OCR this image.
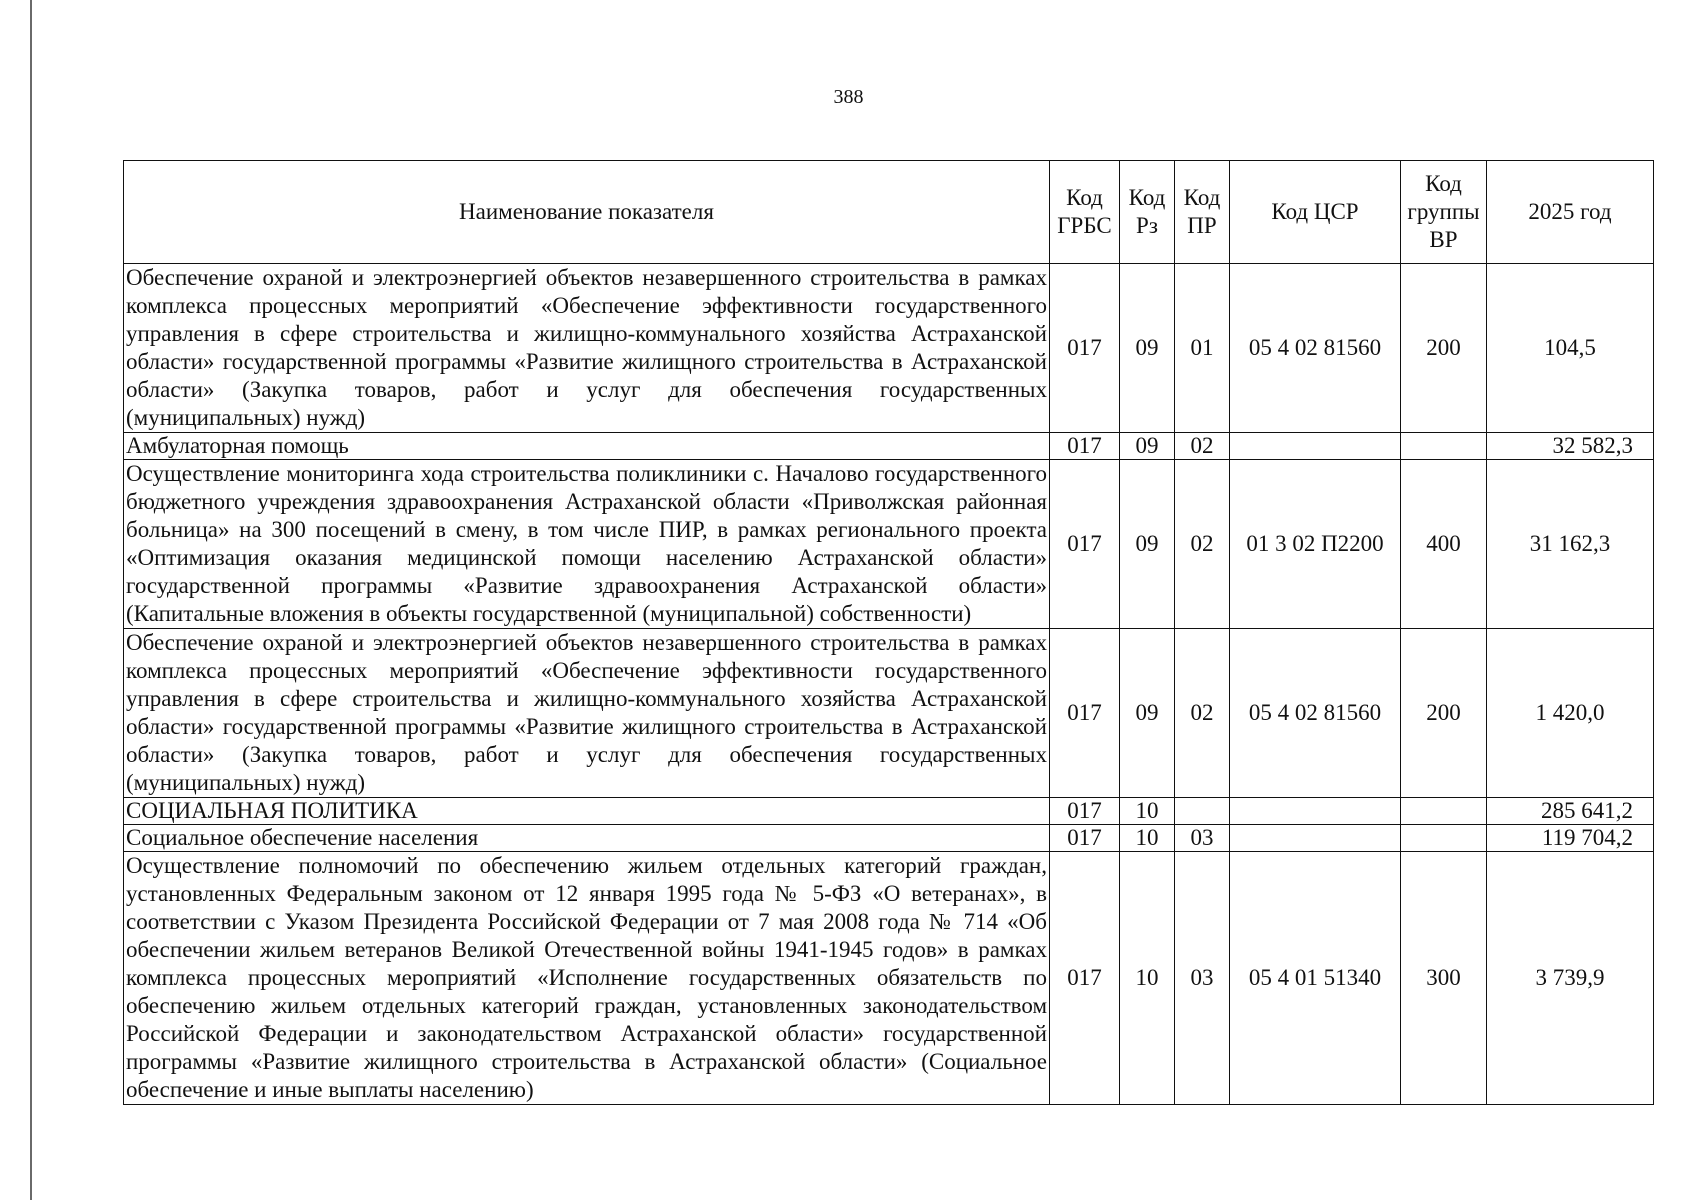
388
Наименование показателя	Код ГРБС	Код Рз	Код ПР	Код ЦСР	Код группы ВР	2025 год
Обеспечение охраной и электроэнергией объектов незавершенного строительства в рамках комплекса процессных мероприятий «Обеспечение эффективности государственного управления в сфере строительства и жилищно-коммунального хозяйства Астраханской области» государственной программы «Развитие жилищного строительства в Астраханской области» (Закупка товаров, работ и услуг для обеспечения государственных (муниципальных) нужд)	017	09	01	05 4 02 81560	200	104,5
Амбулаторная помощь	017	09	02			32 582,3
Осуществление мониторинга хода строительства поликлиники с. Началово государственного бюджетного учреждения здравоохранения Астраханской области «Приволжская районная больница» на 300 посещений в смену, в том числе ПИР, в рамках регионального проекта «Оптимизация оказания медицинской помощи населению Астраханской области» государственной программы «Развитие здравоохранения Астраханской области» (Капитальные вложения в объекты государственной (муниципальной) собственности)	017	09	02	01 3 02 П2200	400	31 162,3
Обеспечение охраной и электроэнергией объектов незавершенного строительства в рамках комплекса процессных мероприятий «Обеспечение эффективности государственного управления в сфере строительства и жилищно-коммунального хозяйства Астраханской области» государственной программы «Развитие жилищного строительства в Астраханской области» (Закупка товаров, работ и услуг для обеспечения государственных (муниципальных) нужд)	017	09	02	05 4 02 81560	200	1 420,0
СОЦИАЛЬНАЯ ПОЛИТИКА	017	10				285 641,2
Социальное обеспечение населения	017	10	03			119 704,2
Осуществление полномочий по обеспечению жильем отдельных категорий граждан, установленных Федеральным законом от 12 января 1995 года № 5-ФЗ «О ветеранах», в соответствии с Указом Президента Российской Федерации от 7 мая 2008 года № 714 «Об обеспечении жильем ветеранов Великой Отечественной войны 1941-1945 годов» в рамках комплекса процессных мероприятий «Исполнение государственных обязательств по обеспечению жильем отдельных категорий граждан, установленных законодательством Российской Федерации и законодательством Астраханской области» государственной программы «Развитие жилищного строительства в Астраханской области» (Социальное обеспечение и иные выплаты населению)	017	10	03	05 4 01 51340	300	3 739,9
